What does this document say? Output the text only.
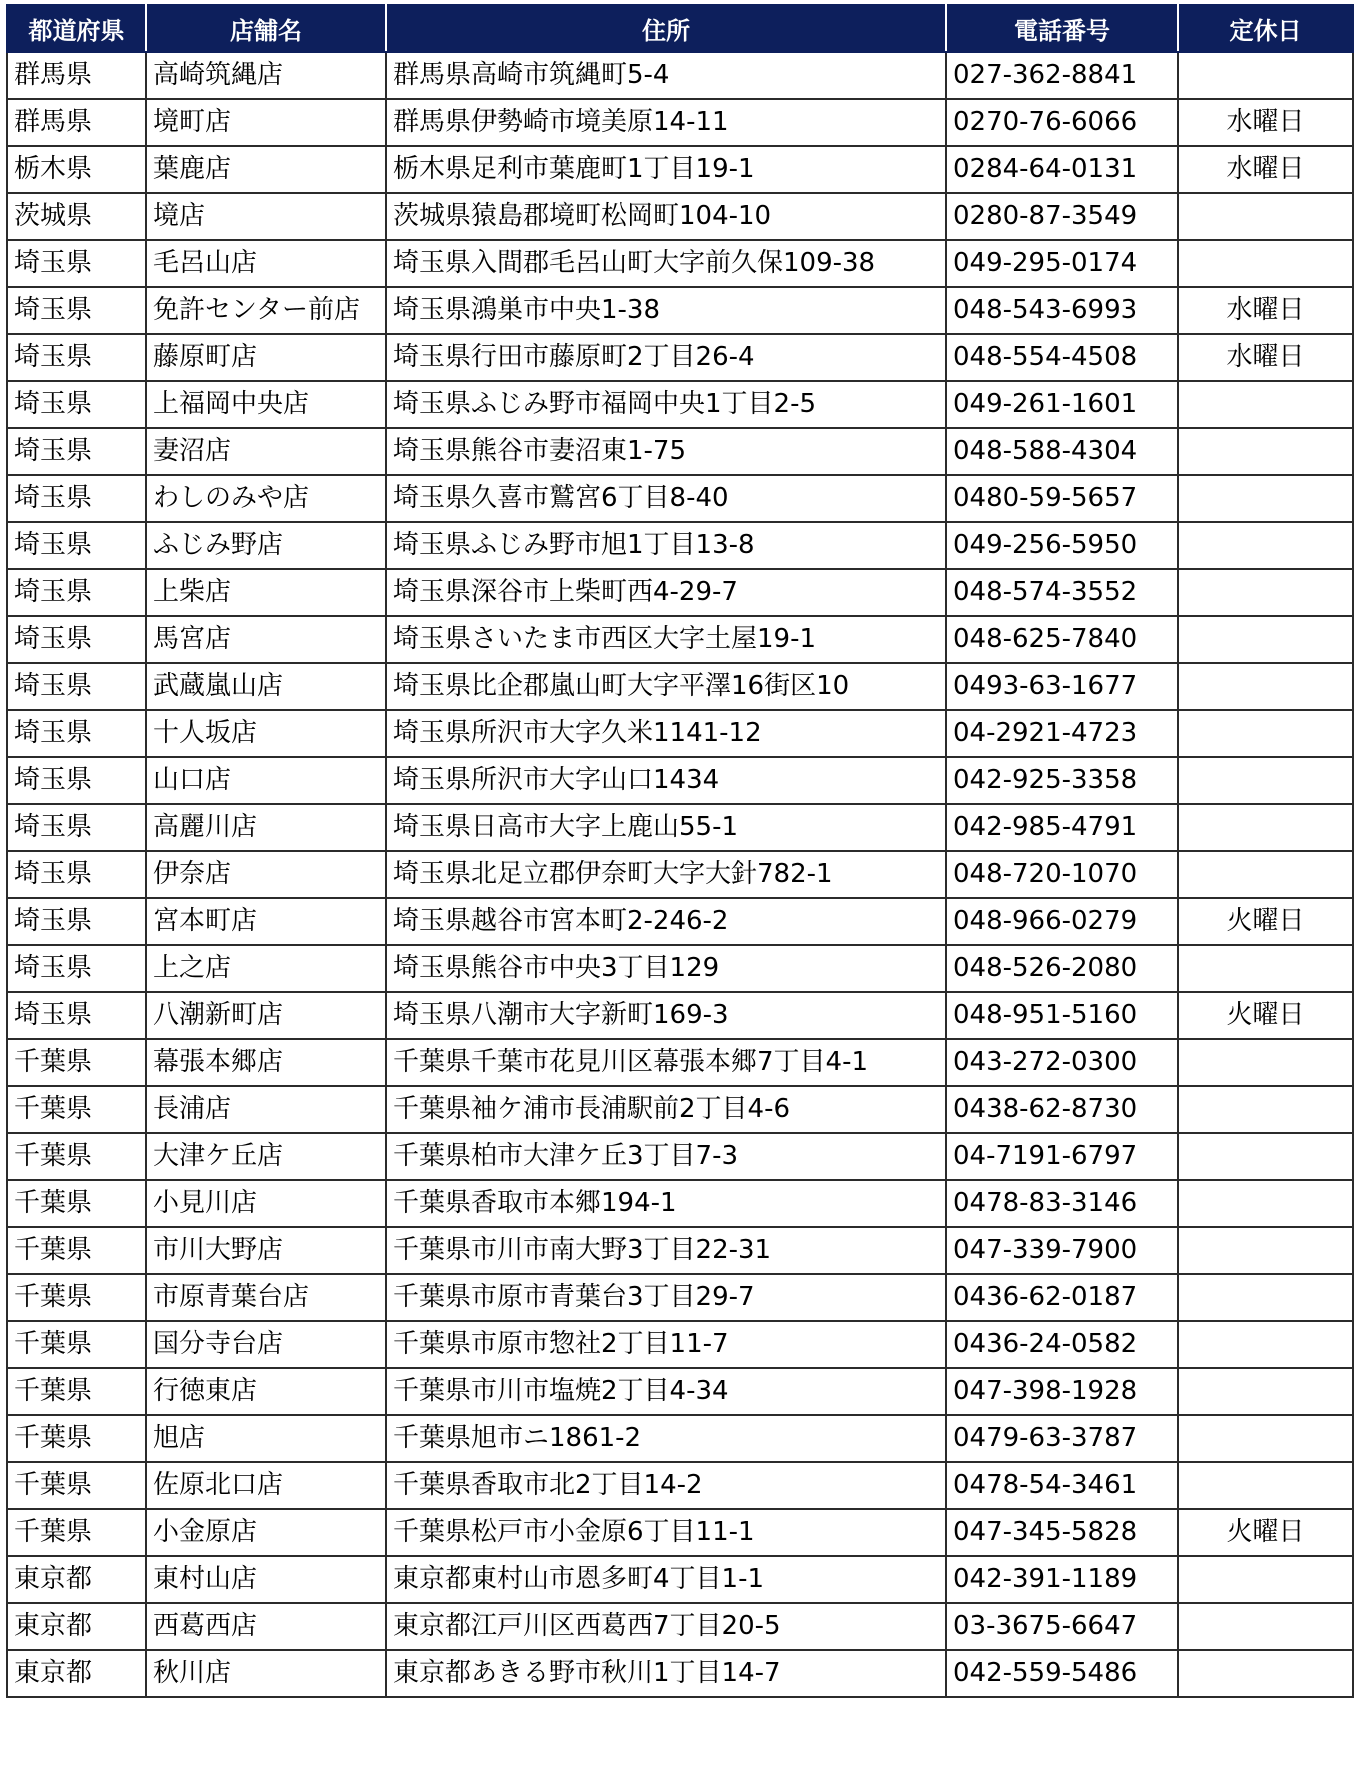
都道府県	店舗名	住所	電話番号	定休日
群馬県	高崎筑縄店	群馬県高崎市筑縄町5-4	027-362-8841	
群馬県	境町店	群馬県伊勢崎市境美原14-11	0270-76-6066	水曜日
栃木県	葉鹿店	栃木県足利市葉鹿町1丁目19-1	0284-64-0131	水曜日
茨城県	境店	茨城県猿島郡境町松岡町104-10	0280-87-3549	
埼玉県	毛呂山店	埼玉県入間郡毛呂山町大字前久保109-38	049-295-0174	
埼玉県	免許センター前店	埼玉県鴻巣市中央1-38	048-543-6993	水曜日
埼玉県	藤原町店	埼玉県行田市藤原町2丁目26-4	048-554-4508	水曜日
埼玉県	上福岡中央店	埼玉県ふじみ野市福岡中央1丁目2-5	049-261-1601	
埼玉県	妻沼店	埼玉県熊谷市妻沼東1-75	048-588-4304	
埼玉県	わしのみや店	埼玉県久喜市鷲宮6丁目8-40	0480-59-5657	
埼玉県	ふじみ野店	埼玉県ふじみ野市旭1丁目13-8	049-256-5950	
埼玉県	上柴店	埼玉県深谷市上柴町西4-29-7	048-574-3552	
埼玉県	馬宮店	埼玉県さいたま市西区大字土屋19-1	048-625-7840	
埼玉県	武蔵嵐山店	埼玉県比企郡嵐山町大字平澤16街区10	0493-63-1677	
埼玉県	十人坂店	埼玉県所沢市大字久米1141-12	04-2921-4723	
埼玉県	山口店	埼玉県所沢市大字山口1434	042-925-3358	
埼玉県	高麗川店	埼玉県日高市大字上鹿山55-1	042-985-4791	
埼玉県	伊奈店	埼玉県北足立郡伊奈町大字大針782-1	048-720-1070	
埼玉県	宮本町店	埼玉県越谷市宮本町2-246-2	048-966-0279	火曜日
埼玉県	上之店	埼玉県熊谷市中央3丁目129	048-526-2080	
埼玉県	八潮新町店	埼玉県八潮市大字新町169-3	048-951-5160	火曜日
千葉県	幕張本郷店	千葉県千葉市花見川区幕張本郷7丁目4-1	043-272-0300	
千葉県	長浦店	千葉県袖ケ浦市長浦駅前2丁目4-6	0438-62-8730	
千葉県	大津ケ丘店	千葉県柏市大津ケ丘3丁目7-3	04-7191-6797	
千葉県	小見川店	千葉県香取市本郷194-1	0478-83-3146	
千葉県	市川大野店	千葉県市川市南大野3丁目22-31	047-339-7900	
千葉県	市原青葉台店	千葉県市原市青葉台3丁目29-7	0436-62-0187	
千葉県	国分寺台店	千葉県市原市惣社2丁目11-7	0436-24-0582	
千葉県	行徳東店	千葉県市川市塩焼2丁目4-34	047-398-1928	
千葉県	旭店	千葉県旭市ニ1861-2	0479-63-3787	
千葉県	佐原北口店	千葉県香取市北2丁目14-2	0478-54-3461	
千葉県	小金原店	千葉県松戸市小金原6丁目11-1	047-345-5828	火曜日
東京都	東村山店	東京都東村山市恩多町4丁目1-1	042-391-1189	
東京都	西葛西店	東京都江戸川区西葛西7丁目20-5	03-3675-6647	
東京都	秋川店	東京都あきる野市秋川1丁目14-7	042-559-5486	
